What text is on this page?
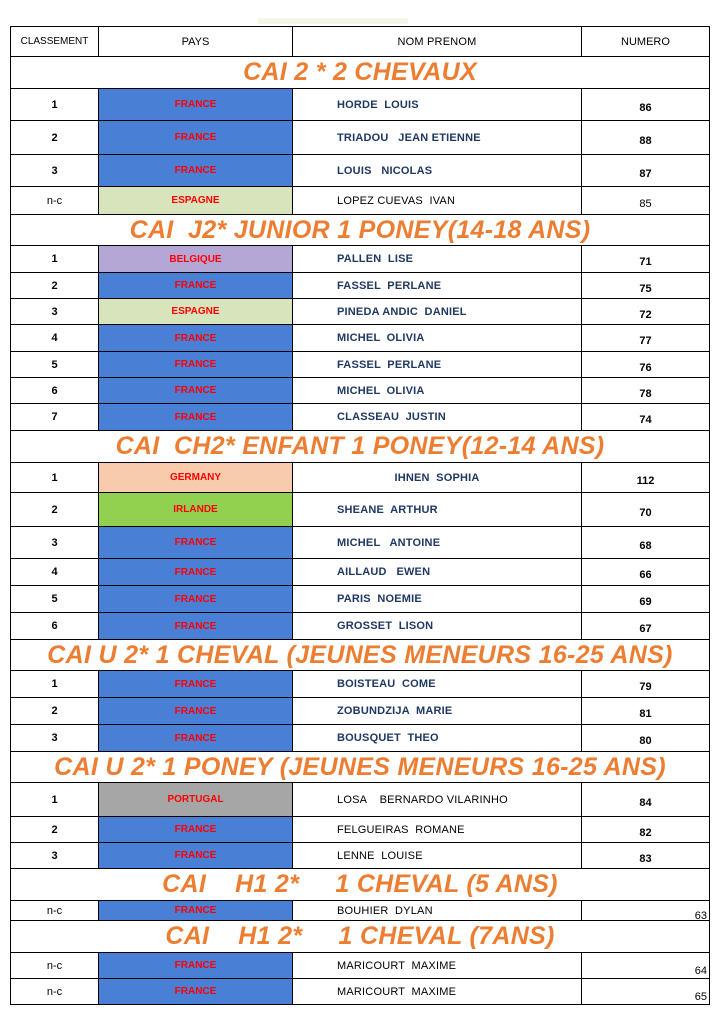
CLASSEMENT	PAYS	NOM PRENOM	NUMERO
CAI 2 * 2 CHEVAUX
1	FRANCE	HORDE  LOUIS	86
2	FRANCE	TRIADOU   JEAN ETIENNE	88
3	FRANCE	LOUIS   NICOLAS	87
n-c	ESPAGNE	LOPEZ CUEVAS  IVAN	85
CAI  J2* JUNIOR 1 PONEY(14-18 ANS)
1	BELGIQUE	PALLEN  LISE	71
2	FRANCE	FASSEL  PERLANE	75
3	ESPAGNE	PINEDA ANDIC  DANIEL	72
4	FRANCE	MICHEL  OLIVIA	77
5	FRANCE	FASSEL  PERLANE	76
6	FRANCE	MICHEL  OLIVIA	78
7	FRANCE	CLASSEAU  JUSTIN	74
CAI  CH2* ENFANT 1 PONEY(12-14 ANS)
1	GERMANY	IHNEN  SOPHIA	112
2	IRLANDE	SHEANE  ARTHUR	70
3	FRANCE	MICHEL   ANTOINE	68
4	FRANCE	AILLAUD   EWEN	66
5	FRANCE	PARIS  NOEMIE	69
6	FRANCE	GROSSET  LISON	67
CAI U 2* 1 CHEVAL (JEUNES MENEURS 16-25 ANS)
1	FRANCE	BOISTEAU  COME	79
2	FRANCE	ZOBUNDZIJA  MARIE	81
3	FRANCE	BOUSQUET  THEO	80
CAI U 2* 1 PONEY (JEUNES MENEURS 16-25 ANS)
1	PORTUGAL	LOSA    BERNARDO VILARINHO	84
2	FRANCE	FELGUEIRAS  ROMANE	82
3	FRANCE	LENNE  LOUISE	83
CAI    H1 2*     1 CHEVAL (5 ANS)
n-c	FRANCE	BOUHIER  DYLAN	63
CAI    H1 2*     1 CHEVAL (7ANS)
n-c	FRANCE	MARICOURT  MAXIME	64
n-c	FRANCE	MARICOURT  MAXIME	65
